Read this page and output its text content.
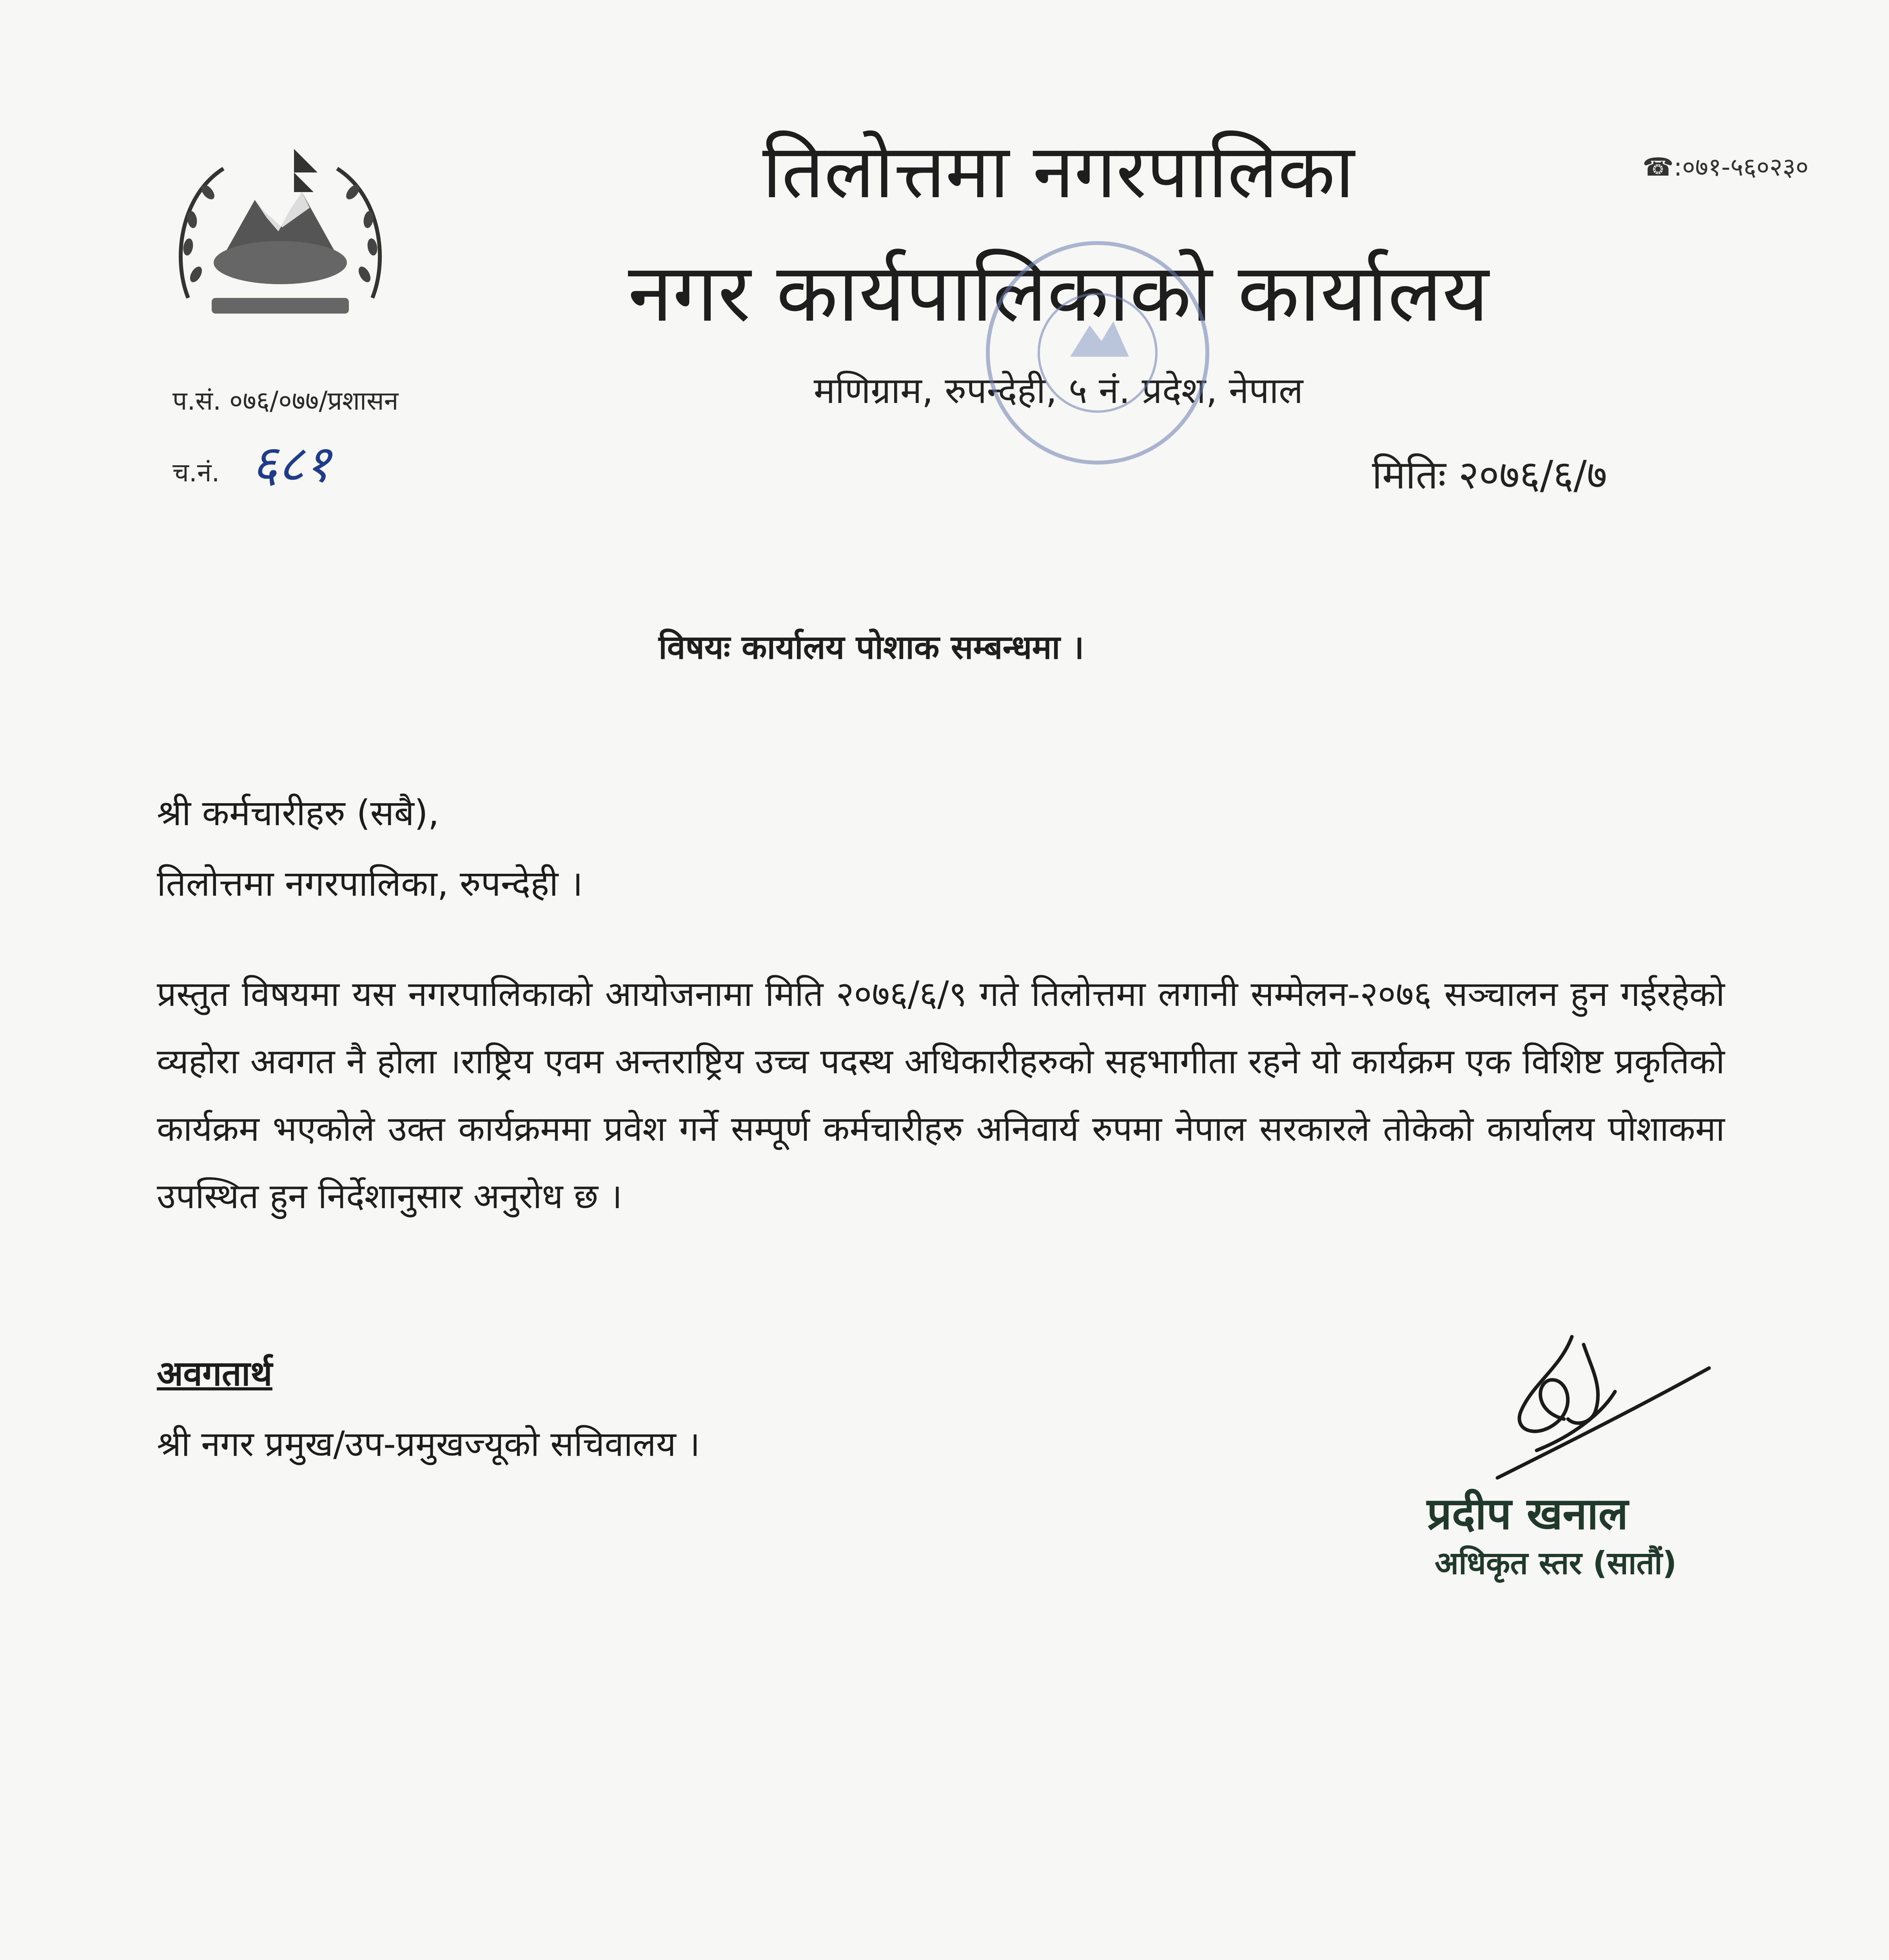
☎:०७१-५६०२३०
तिलोत्तमा नगरपालिका
नगर कार्यपालिकाको कार्यालय
मणिग्राम, रुपन्देही, ५ नं. प्रदेश, नेपाल
प.सं. ०७६/०७७/प्रशासन
च.नं. ६८१	मितिः २०७६/६/७
विषयः कार्यालय पोशाक सम्बन्धमा ।
श्री कर्मचारीहरु (सबै),
तिलोत्तमा नगरपालिका, रुपन्देही ।

प्रस्तुत विषयमा यस नगरपालिकाको आयोजनामा मिति २०७६/६/९ गते तिलोत्तमा लगानी सम्मेलन-२०७६ सञ्चालन हुन गईरहेको व्यहोरा अवगत नै होला ।राष्ट्रिय एवम अन्तराष्ट्रिय उच्च पदस्थ अधिकारीहरुको सहभागीता रहने यो कार्यक्रम एक विशिष्ट प्रकृतिको कार्यक्रम भएकोले उक्त कार्यक्रममा प्रवेश गर्ने सम्पूर्ण कर्मचारीहरु अनिवार्य रुपमा नेपाल सरकारले तोकेको कार्यालय पोशाकमा उपस्थित हुन निर्देशानुसार अनुरोध छ ।

अवगतार्थ
श्री नगर प्रमुख/उप-प्रमुखज्यूको सचिवालय ।
प्रदीप खनाल
अधिकृत स्तर (सातौं)
